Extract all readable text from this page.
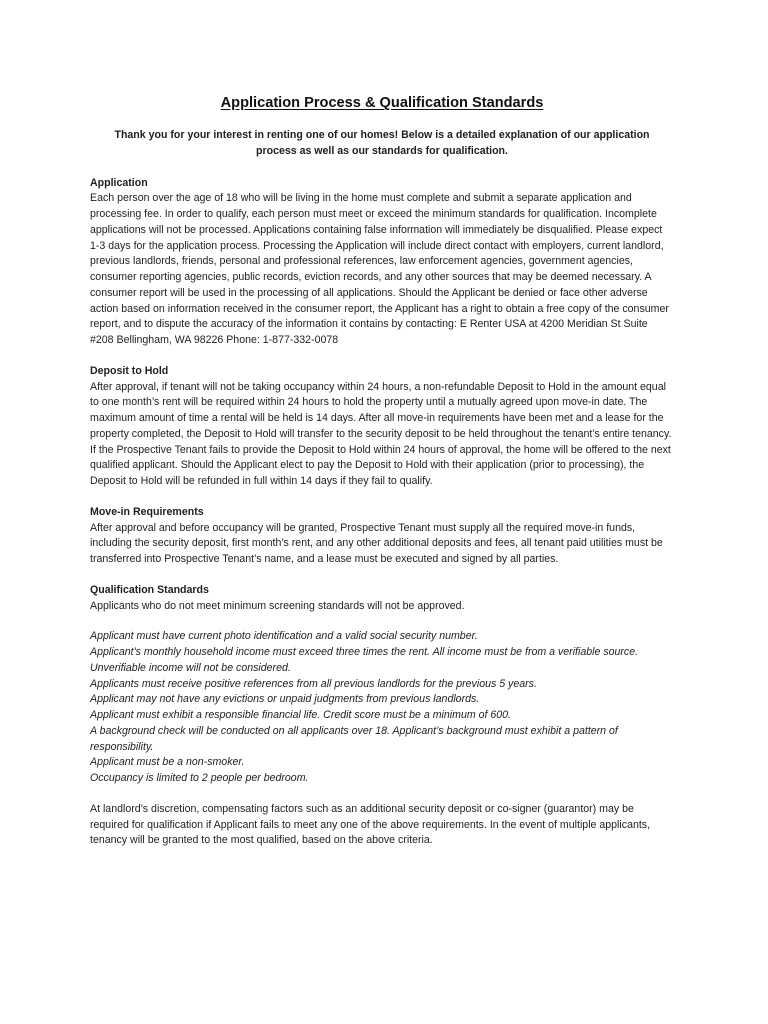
Application Process & Qualification Standards
Thank you for your interest in renting one of our homes! Below is a detailed explanation of our application process as well as our standards for qualification.
Application
Each person over the age of 18 who will be living in the home must complete and submit a separate application and processing fee. In order to qualify, each person must meet or exceed the minimum standards for qualification. Incomplete applications will not be processed. Applications containing false information will immediately be disqualified. Please expect 1-3 days for the application process. Processing the Application will include direct contact with employers, current landlord, previous landlords, friends, personal and professional references, law enforcement agencies, government agencies, consumer reporting agencies, public records, eviction records, and any other sources that may be deemed necessary. A consumer report will be used in the processing of all applications. Should the Applicant be denied or face other adverse action based on information received in the consumer report, the Applicant has a right to obtain a free copy of the consumer report, and to dispute the accuracy of the information it contains by contacting: E Renter USA at 4200 Meridian St Suite #208 Bellingham, WA 98226 Phone: 1-877-332-0078
Deposit to Hold
After approval, if tenant will not be taking occupancy within 24 hours, a non-refundable Deposit to Hold in the amount equal to one month’s rent will be required within 24 hours to hold the property until a mutually agreed upon move-in date. The maximum amount of time a rental will be held is 14 days. After all move-in requirements have been met and a lease for the property completed, the Deposit to Hold will transfer to the security deposit to be held throughout the tenant’s entire tenancy. If the Prospective Tenant fails to provide the Deposit to Hold within 24 hours of approval, the home will be offered to the next qualified applicant. Should the Applicant elect to pay the Deposit to Hold with their application (prior to processing), the Deposit to Hold will be refunded in full within 14 days if they fail to qualify.
Move-in Requirements
After approval and before occupancy will be granted, Prospective Tenant must supply all the required move-in funds, including the security deposit, first month’s rent, and any other additional deposits and fees, all tenant paid utilities must be transferred into Prospective Tenant’s name, and a lease must be executed and signed by all parties.
Qualification Standards
Applicants who do not meet minimum screening standards will not be approved.
Applicant must have current photo identification and a valid social security number.
Applicant's monthly household income must exceed three times the rent. All income must be from a verifiable source. Unverifiable income will not be considered.
Applicants must receive positive references from all previous landlords for the previous 5 years.
Applicant may not have any evictions or unpaid judgments from previous landlords.
Applicant must exhibit a responsible financial life. Credit score must be a minimum of 600.
A background check will be conducted on all applicants over 18. Applicant’s background must exhibit a pattern of responsibility.
Applicant must be a non-smoker.
Occupancy is limited to 2 people per bedroom.
At landlord’s discretion, compensating factors such as an additional security deposit or co-signer (guarantor) may be required for qualification if Applicant fails to meet any one of the above requirements. In the event of multiple applicants, tenancy will be granted to the most qualified, based on the above criteria.
